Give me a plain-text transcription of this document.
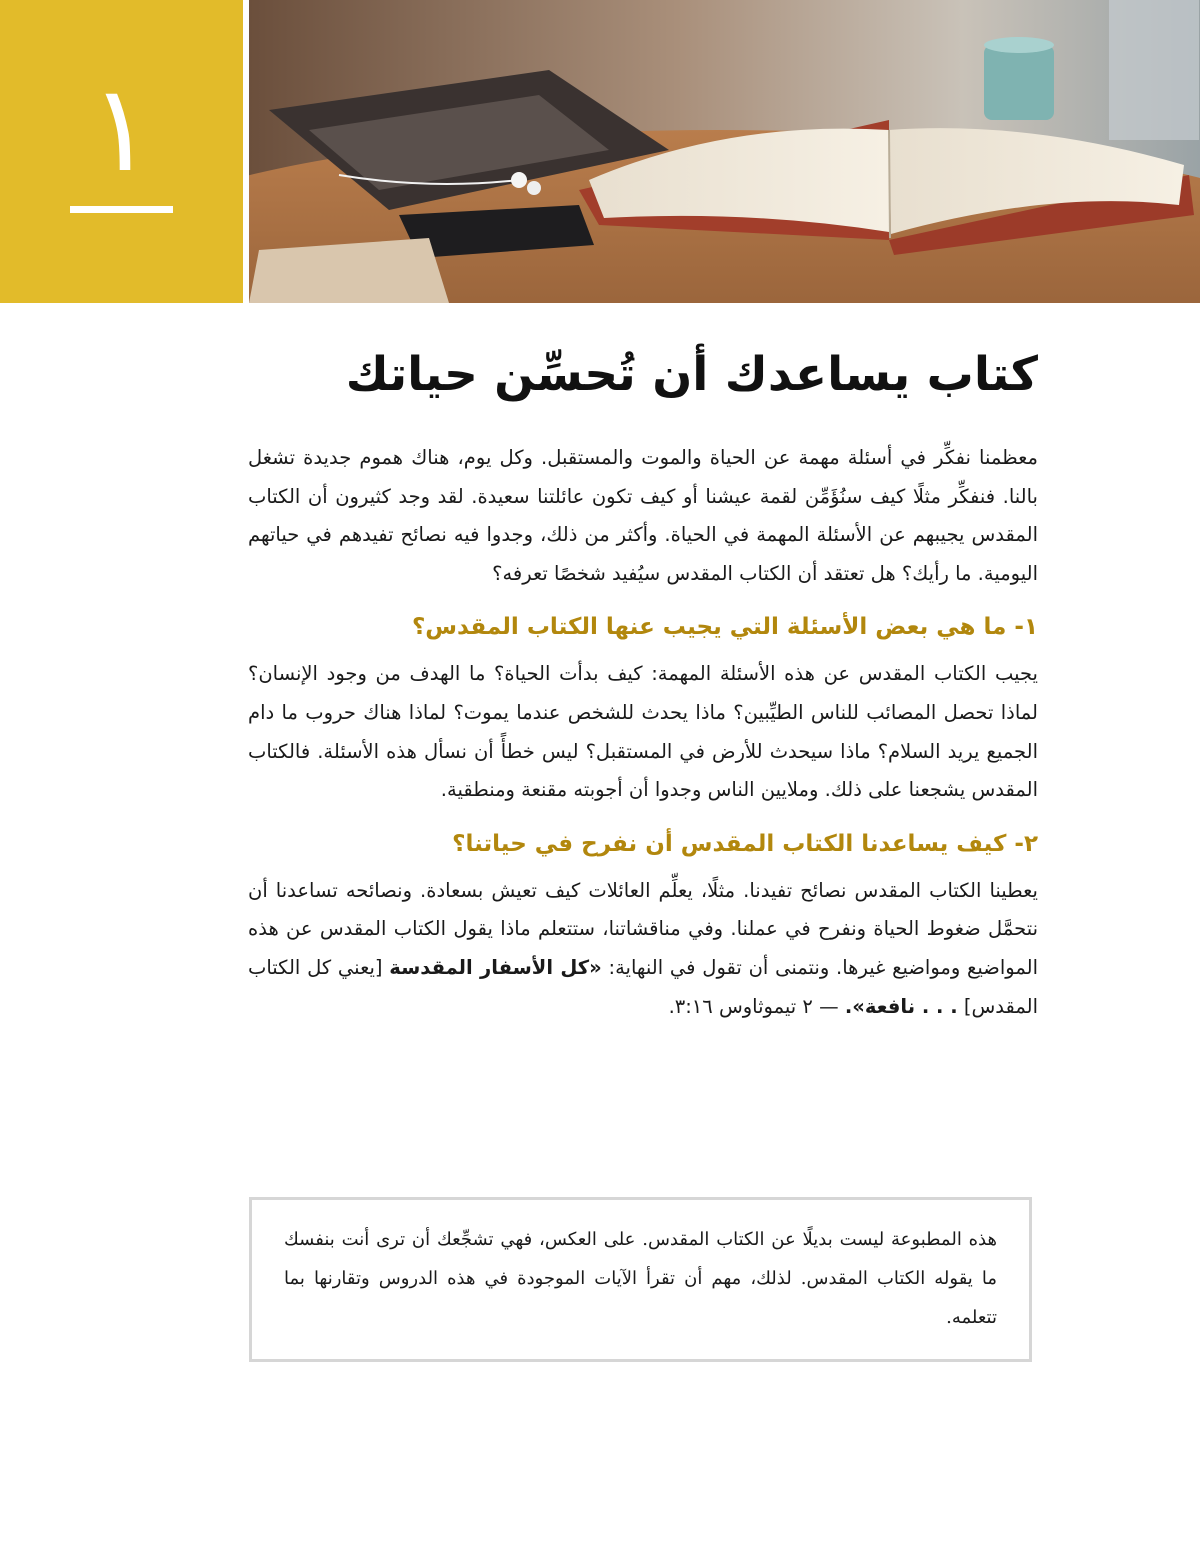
١
كتاب يساعدك أن تُحسِّن حياتك

معظمنا نفكِّر في أسئلة مهمة عن الحياة والموت والمستقبل. وكل يوم، هناك هموم جديدة تشغل بالنا. فنفكِّر مثلًا كيف سنُؤَمِّن لقمة عيشنا أو كيف تكون عائلتنا سعيدة. لقد وجد كثيرون أن الكتاب المقدس يجيبهم عن الأسئلة المهمة في الحياة. وأكثر من ذلك، وجدوا فيه نصائح تفيدهم في حياتهم اليومية. ما رأيك؟ هل تعتقد أن الكتاب المقدس سيُفيد شخصًا تعرفه؟

١- ما هي بعض الأسئلة التي يجيب عنها الكتاب المقدس؟

يجيب الكتاب المقدس عن هذه الأسئلة المهمة: كيف بدأت الحياة؟ ما الهدف من وجود الإنسان؟ لماذا تحصل المصائب للناس الطيِّبين؟ ماذا يحدث للشخص عندما يموت؟ لماذا هناك حروب ما دام الجميع يريد السلام؟ ماذا سيحدث للأرض في المستقبل؟ ليس خطأً أن نسأل هذه الأسئلة. فالكتاب المقدس يشجعنا على ذلك. وملايين الناس وجدوا أن أجوبته مقنعة ومنطقية.

٢- كيف يساعدنا الكتاب المقدس أن نفرح في حياتنا؟

يعطينا الكتاب المقدس نصائح تفيدنا. مثلًا، يعلِّم العائلات كيف تعيش بسعادة. ونصائحه تساعدنا أن نتحمَّل ضغوط الحياة ونفرح في عملنا. وفي مناقشاتنا، ستتعلم ماذا يقول الكتاب المقدس عن هذه المواضيع ومواضيع غيرها. ونتمنى أن تقول في النهاية: «كل الأسفار المقدسة [يعني كل الكتاب المقدس] . . . نافعة». — ٢ تيموثاوس ٣:١٦.

هذه المطبوعة ليست بديلًا عن الكتاب المقدس. على العكس، فهي تشجِّعك أن ترى أنت بنفسك ما يقوله الكتاب المقدس. لذلك، مهم أن تقرأ الآيات الموجودة في هذه الدروس وتقارنها بما تتعلمه.
